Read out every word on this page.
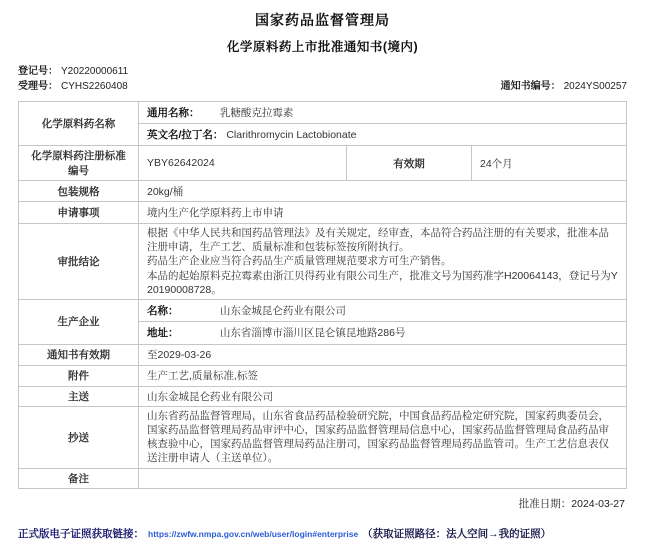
国家药品监督管理局
化学原料药上市批准通知书(境内)
登记号： Y20220000611
受理号： CYHS2260408	通知书编号： 2024YS00257
化学原料药名称	通用名称： 乳糖酸克拉霉素		
	英文名/拉丁名： Clarithromycin Lactobionate		
化学原料药注册标准编号	YBY62642024	有效期	24个月
包装规格	20kg/桶		
申请事项	境内生产化学原料药上市申请		
审批结论	根据《中华人民共和国药品管理法》及有关规定，经审查，本品符合药品注册的有关要求，批准本品注册申请，生产工艺、质量标准和包装标签按所附执行。
药品生产企业应当符合药品生产质量管理规范要求方可生产销售。
本品的起始原料克拉霉素由浙江贝得药业有限公司生产，批准文号为国药准字H20064143，登记号为Y20190008728。		
生产企业	名称： 山东金城昆仑药业有限公司		
	地址： 山东省淄博市淄川区昆仑镇昆地路286号		
通知书有效期	至2029-03-26		
附件	生产工艺,质量标准,标签		
主送	山东金城昆仑药业有限公司		
抄送	山东省药品监督管理局，山东省食品药品检验研究院，中国食品药品检定研究院，国家药典委员会，国家药品监督管理局药品审评中心，国家药品监督管理局信息中心，国家药品监督管理局食品药品审核查验中心，国家药品监督管理局药品注册司，国家药品监督管理局药品监管司。生产工艺信息表仅送注册申请人（主送单位）。		
备注			
批准日期：2024-03-27
正式版电子证照获取链接： https://zwfw.nmpa.gov.cn/web/user/login#enterprise （获取证照路径：法人空间→我的证照）
